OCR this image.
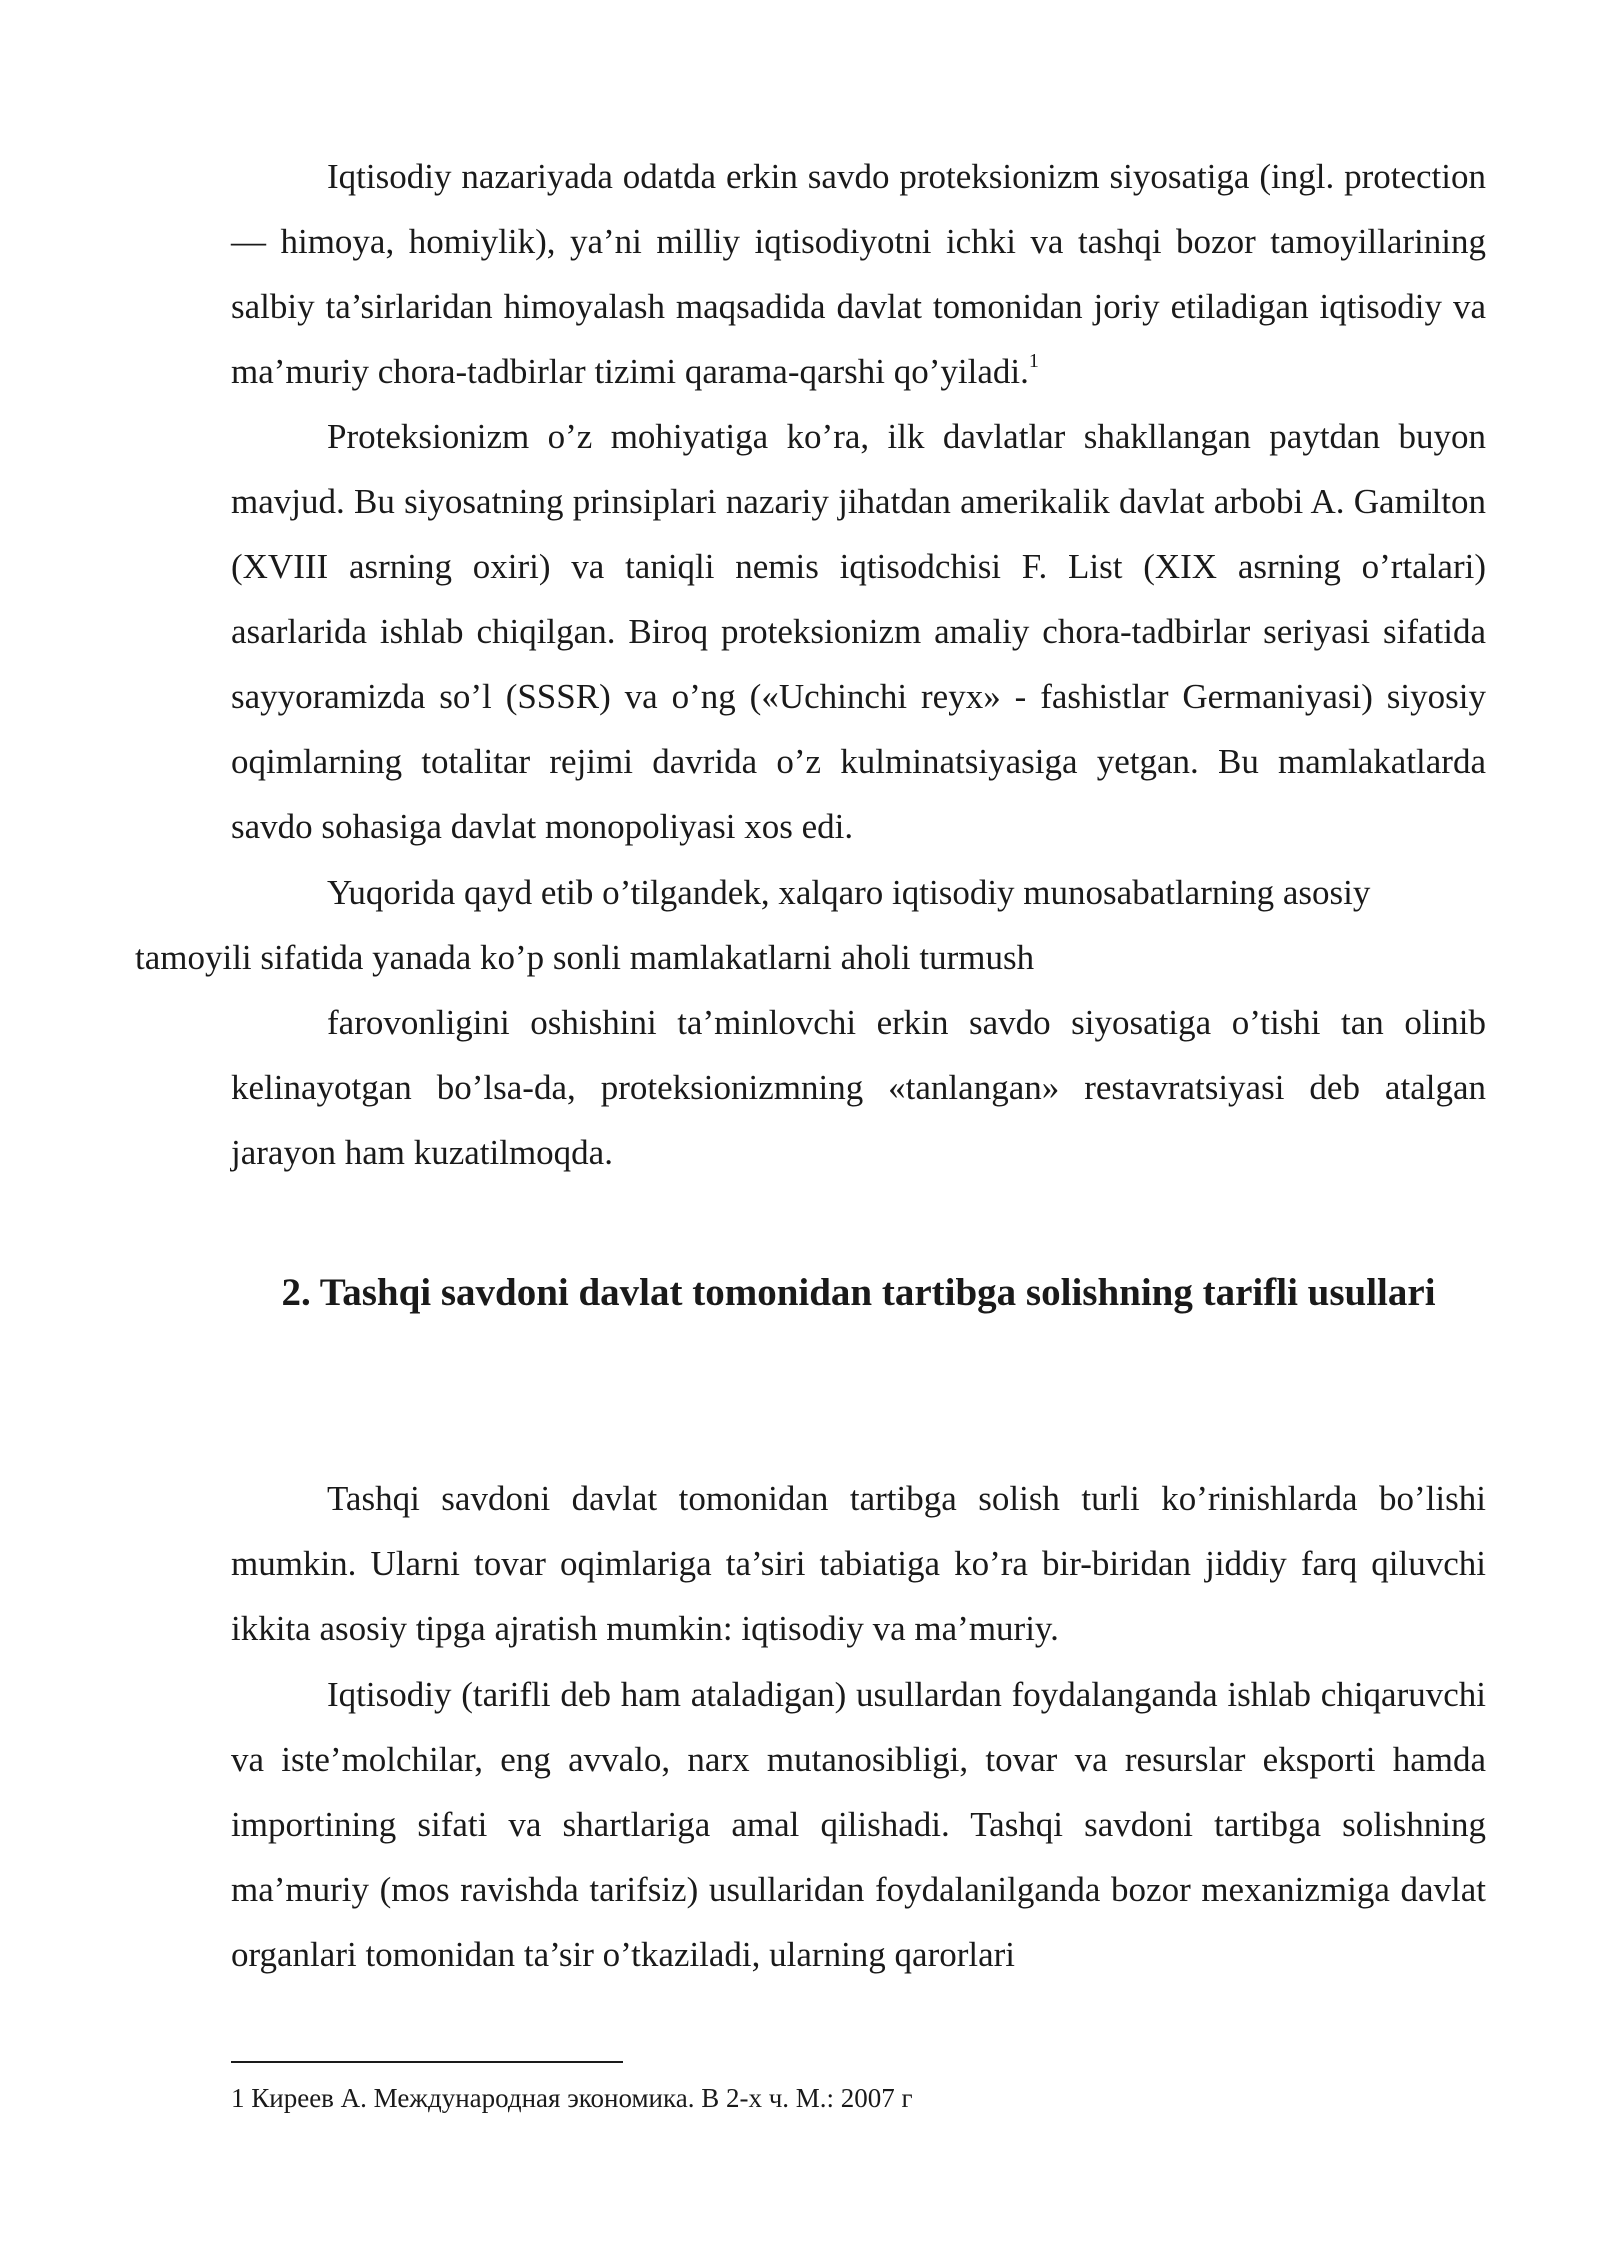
Iqtisodiy nazariyada odatda erkin savdo proteksionizm siyosatiga (ingl. protection — himoya, homiylik), ya’ni milliy iqtisodiyotni ichki va tashqi bozor tamoyillarining salbiy ta’sirlaridan himoyalash maqsadida davlat tomonidan joriy etiladigan iqtisodiy va ma’muriy chora-tadbirlar tizimi qarama-qarshi qo’yiladi.$^1$

Proteksionizm o’z mohiyatiga ko’ra, ilk davlatlar shakllangan paytdan buyon mavjud. Bu siyosatning prinsiplari nazariy jihatdan amerikalik davlat arbobi A. Gamilton (XVIII asrning oxiri) va taniqli nemis iqtisodchisi F. List (XIX asrning o’rtalari) asarlarida ishlab chiqilgan. Biroq proteksionizm amaliy chora-tadbirlar seriyasi sifatida sayyoramizda so’l (SSSR) va o’ng («Uchinchi reyx» - fashistlar Germaniyasi) siyosiy oqimlarning totalitar rejimi davrida o’z kulminatsiyasiga yetgan. Bu mamlakatlarda savdo sohasiga davlat monopoliyasi xos edi.

Yuqorida qayd etib o’tilgandek, xalqaro iqtisodiy munosabatlarning asosiy
tamoyili sifatida yanada ko’p sonli mamlakatlarni aholi turmush

farovonligini oshishini ta’minlovchi erkin savdo siyosatiga o’tishi tan olinib kelinayotgan bo’lsa-da, proteksionizmning «tanlangan» restavratsiyasi deb atalgan jarayon ham kuzatilmoqda.

2. Tashqi savdoni davlat tomonidan tartibga solishning tarifli usullari

Tashqi savdoni davlat tomonidan tartibga solish turli ko’rinishlarda bo’lishi mumkin. Ularni tovar oqimlariga ta’siri tabiatiga ko’ra bir-biridan jiddiy farq qiluvchi ikkita asosiy tipga ajratish mumkin: iqtisodiy va ma’muriy.

Iqtisodiy (tarifli deb ham ataladigan) usullardan foydalanganda ishlab chiqaruvchi va iste’molchilar, eng avvalo, narx mutanosibligi, tovar va resurslar eksporti hamda importining sifati va shartlariga amal qilishadi. Tashqi savdoni tartibga solishning ma’muriy (mos ravishda tarifsiz) usullaridan foydalanilganda bozor mexanizmiga davlat organlari tomonidan ta’sir o’tkaziladi, ularning qarorlari

1 Киреев А. Международная экономика. В 2-х ч. М.: 2007 г
